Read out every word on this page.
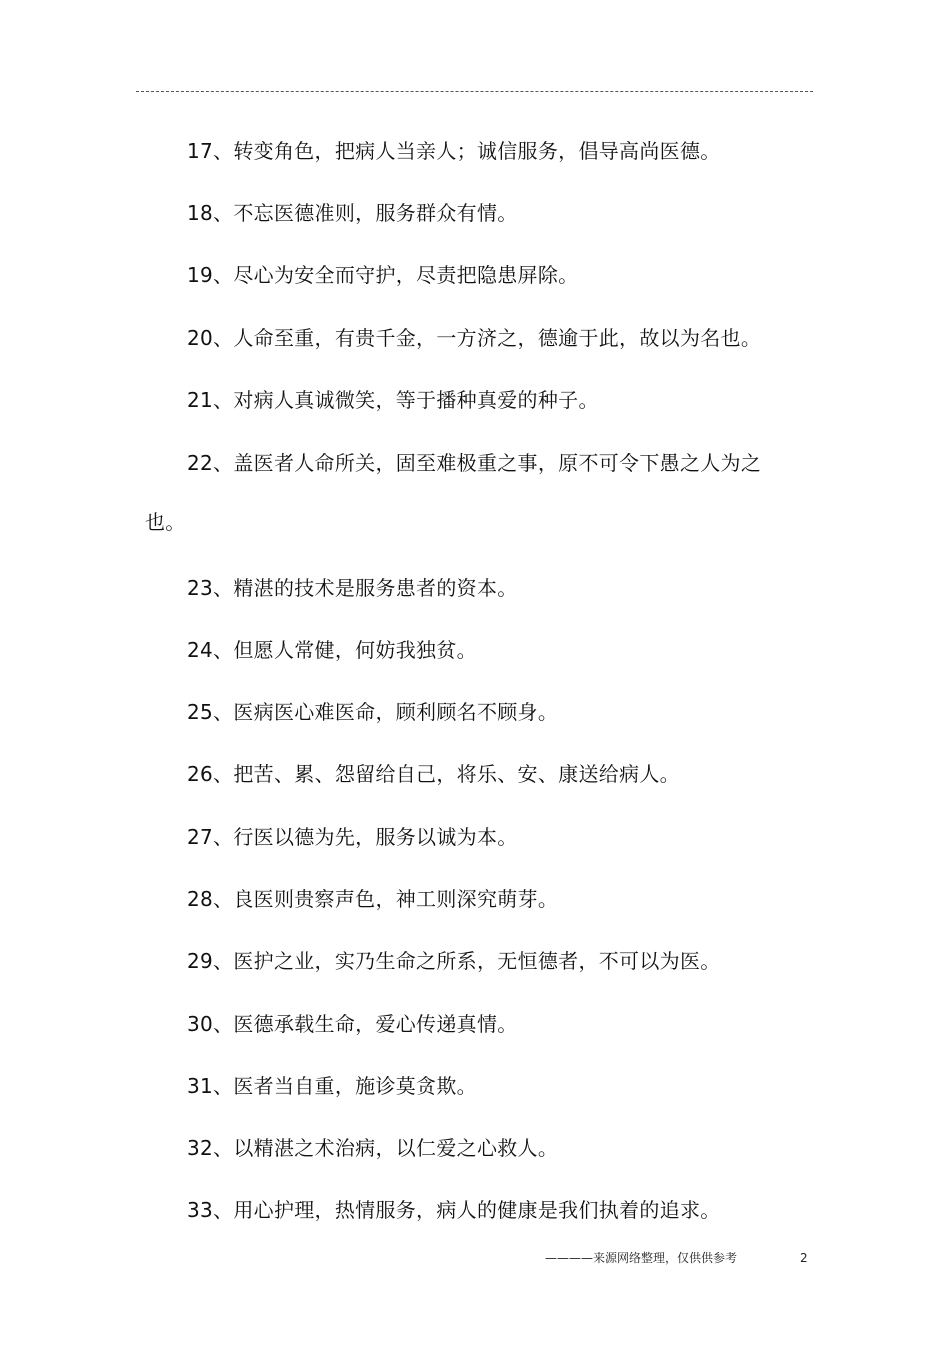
17、转变角色，把病人当亲人；诚信服务，倡导高尚医德。
18、不忘医德准则，服务群众有情。
19、尽心为安全而守护，尽责把隐患屏除。
20、人命至重，有贵千金，一方济之，德逾于此，故以为名也。
21、对病人真诚微笑，等于播种真爱的种子。
22、盖医者人命所关，固至难极重之事，原不可令下愚之人为之
也。
23、精湛的技术是服务患者的资本。
24、但愿人常健，何妨我独贫。
25、医病医心难医命，顾利顾名不顾身。
26、把苦、累、怨留给自己，将乐、安、康送给病人。
27、行医以德为先，服务以诚为本。
28、良医则贵察声色，神工则深究萌芽。
29、医护之业，实乃生命之所系，无恒德者，不可以为医。
30、医德承载生命，爱心传递真情。
31、医者当自重，施诊莫贪欺。
32、以精湛之术治病，以仁爱之心救人。
33、用心护理，热情服务，病人的健康是我们执着的追求。
————来源网络整理，仅供供参考	2
